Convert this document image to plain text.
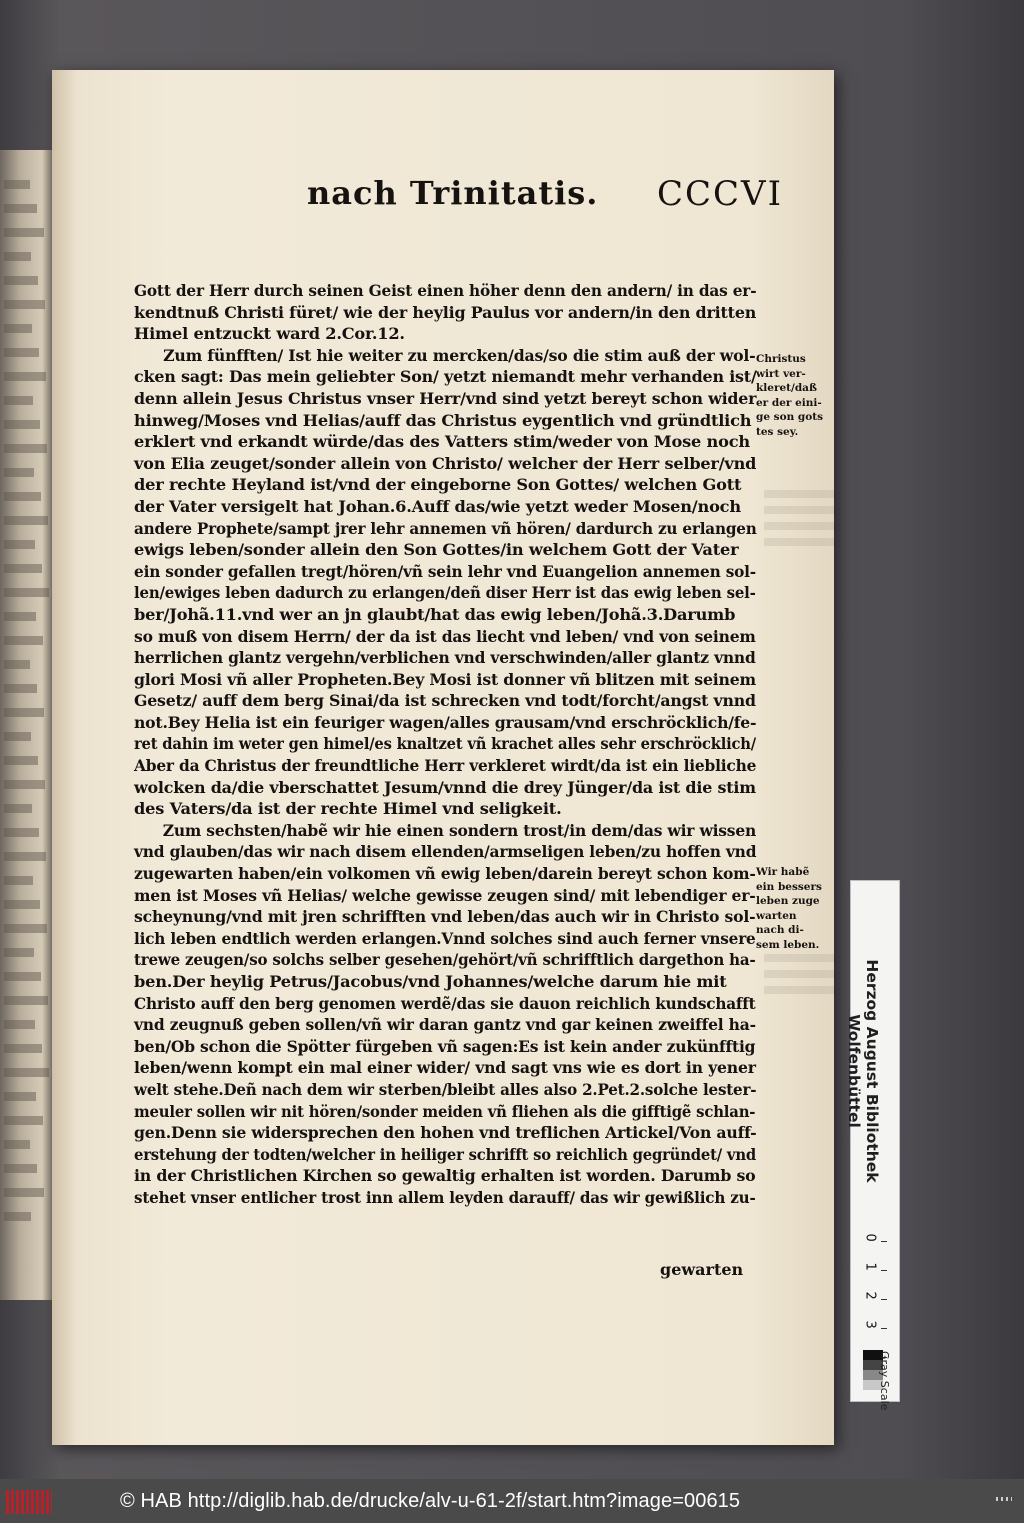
nach Trinitatis. CCCVI
Gott der Herr durch seinen Geist einen höher denn den andern/ in das er-
kendtnuß Christi füret/ wie der heylig Paulus vor andern/in den dritten
Himel entzuckt ward 2.Cor.12.
Zum fünfften/ Ist hie weiter zu mercken/das/so die stim auß der wol-
cken sagt: Das mein geliebter Son/ yetzt niemandt mehr verhanden ist/
denn allein Jesus Christus vnser Herr/vnd sind yetzt bereyt schon wider
hinweg/Moses vnd Helias/auff das Christus eygentlich vnd gründtlich
erklert vnd erkandt würde/das des Vatters stim/weder von Mose noch
von Elia zeuget/sonder allein von Christo/ welcher der Herr selber/vnd
der rechte Heyland ist/vnd der eingeborne Son Gottes/ welchen Gott
der Vater versigelt hat Johan.6.Auff das/wie yetzt weder Mosen/noch
andere Prophete/sampt jrer lehr annemen vñ hören/ dardurch zu erlangen
ewigs leben/sonder allein den Son Gottes/in welchem Gott der Vater
ein sonder gefallen tregt/hören/vñ sein lehr vnd Euangelion annemen sol-
len/ewiges leben dadurch zu erlangen/deñ diser Herr ist das ewig leben sel-
ber/Johã.11.vnd wer an jn glaubt/hat das ewig leben/Johã.3.Darumb
so muß von disem Herrn/ der da ist das liecht vnd leben/ vnd von seinem
herrlichen glantz vergehn/verblichen vnd verschwinden/aller glantz vnnd
glori Mosi vñ aller Propheten.Bey Mosi ist donner vñ blitzen mit seinem
Gesetz/ auff dem berg Sinai/da ist schrecken vnd todt/forcht/angst vnnd
not.Bey Helia ist ein feuriger wagen/alles grausam/vnd erschröcklich/fe-
ret dahin im weter gen himel/es knaltzet vñ krachet alles sehr erschröcklich/
Aber da Christus der freundtliche Herr verkleret wirdt/da ist ein liebliche
wolcken da/die vberschattet Jesum/vnnd die drey Jünger/da ist die stim
des Vaters/da ist der rechte Himel vnd seligkeit.
Zum sechsten/habẽ wir hie einen sondern trost/in dem/das wir wissen
vnd glauben/das wir nach disem ellenden/armseligen leben/zu hoffen vnd
zugewarten haben/ein volkomen vñ ewig leben/darein bereyt schon kom-
men ist Moses vñ Helias/ welche gewisse zeugen sind/ mit lebendiger er-
scheynung/vnd mit jren schrifften vnd leben/das auch wir in Christo sol-
lich leben endtlich werden erlangen.Vnnd solches sind auch ferner vnsere
trewe zeugen/so solchs selber gesehen/gehört/vñ schrifftlich dargethon ha-
ben.Der heylig Petrus/Jacobus/vnd Johannes/welche darum hie mit
Christo auff den berg genomen werdẽ/das sie dauon reichlich kundschafft
vnd zeugnuß geben sollen/vñ wir daran gantz vnd gar keinen zweiffel ha-
ben/Ob schon die Spötter fürgeben vñ sagen:Es ist kein ander zukünfftig
leben/wenn kompt ein mal einer wider/ vnd sagt vns wie es dort in yener
welt stehe.Deñ nach dem wir sterben/bleibt alles also 2.Pet.2.solche lester-
meuler sollen wir nit hören/sonder meiden vñ fliehen als die gifftigẽ schlan-
gen.Denn sie widersprechen den hohen vnd treflichen Artickel/Von auff-
erstehung der todten/welcher in heiliger schrifft so reichlich gegründet/ vnd
in der Christlichen Kirchen so gewaltig erhalten ist worden. Darumb so
stehet vnser entlicher trost inn allem leyden darauff/ das wir gewißlich zu-
gewarten
Christus
wirt ver-
kleret/daß
er der eini-
ge son gots
tes sey.
Wir habẽ
ein bessers
leben zuge
warten
nach di-
sem leben.
Herzog August Bibliothek
Wolfenbüttel
0
1
2
3
Gray Scale
© HAB http://diglib.hab.de/drucke/alv-u-61-2f/start.htm?image=00615
